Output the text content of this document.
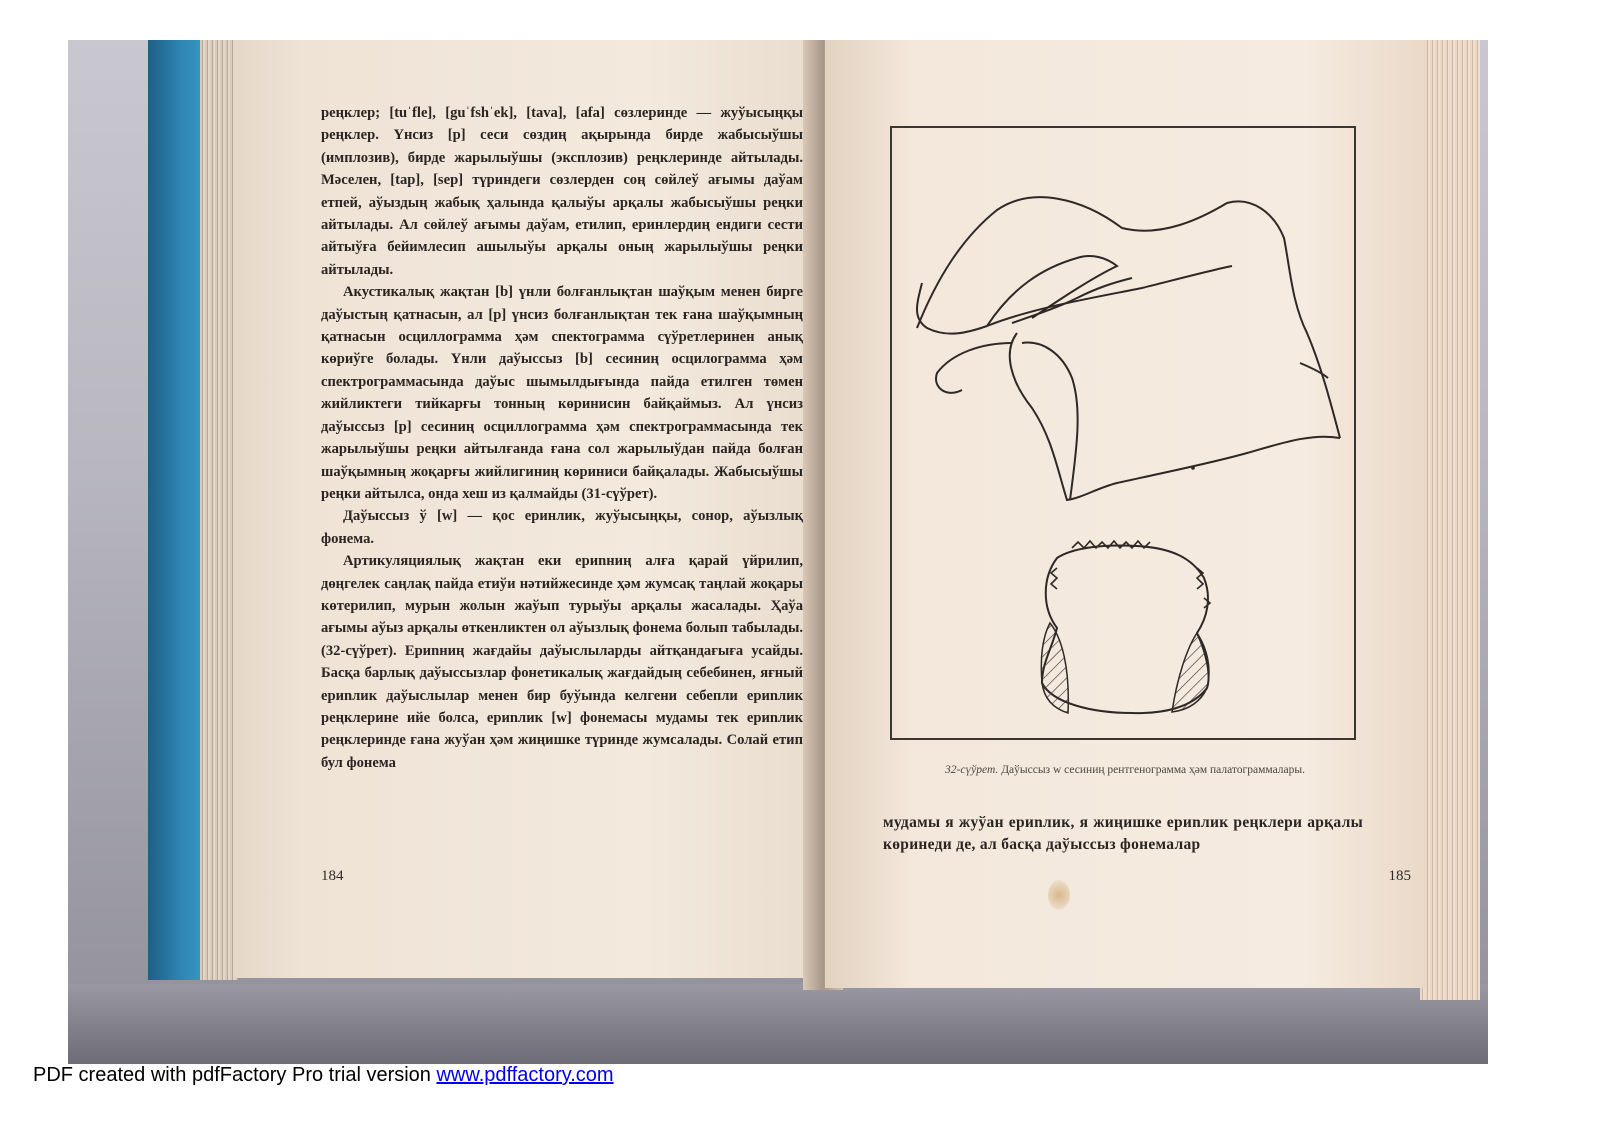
реңклер; [tuˈfle], [guˈfshˈek], [tava], [afa] сөзлеринде — жуўысыңқы реңклер. Үнсиз [p] сеси сөздиң ақырында бирде жабысыўшы (имплозив), бирде жарылыўшы (эксплозив) реңклеринде айтылады. Мәселен, [tap], [sep] түриндеги сөзлерден соң сөйлеў ағымы даўам етпей, аўыздың жабық ҳалында қалыўы арқалы жабысыўшы реңки айтылады. Ал сөйлеў ағымы даўам, етилип, еринлердиң ендиги сести айтыўға бейимлесип ашылыўы арқалы оның жарылыўшы реңки айтылады.

Акустикалық жақтан [b] үнли болғанлықтан шаўқым менен бирге даўыстың қатнасын, ал [p] үнсиз болғанлықтан тек ғана шаўқымның қатнасын осциллограмма ҳәм спектограмма сүўретлеринен анық көриўге болады. Үнли даўыссыз [b] сесиниң осцилограмма ҳәм спектрограммасында даўыс шымылдығында пайда етилген төмен жийликтеги тийкарғы тонның көринисин байқаймыз. Ал үнсиз даўыссыз [p] сесиниң осциллограмма ҳәм спектрограммасында тек жарылыўшы реңки айтылғанда ғана сол жарылыўдан пайда болған шаўқымның жоқарғы жийлигиниң көриниси байқалады. Жабысыўшы реңки айтылса, онда хеш из қалмайды (31-сүўрет).

Даўыссыз ў [w] — қос еринлик, жуўысыңқы, сонор, аўызлық фонема.

Артикуляциялық жақтан еки ериnниң алға қарай үйрилип, дөңгелек саңлақ пайда етиўи нәтийжесинде ҳәм жумсақ таңлай жоқары көтерилип, мурын жолын жаўып турыўы арқалы жасалады. Ҳаўа ағымы аўыз арқалы өткенликтен ол аўызлық фонема болып табылады. (32-сүўрет). Ериnниң жағдайы даўыслыларды айтқандағыға усайды. Басқа барлық даўыссызлар фонетикалық жағдайдың себебинен, яғный ериnлик даўыслылар менен бир буўында келгени себепли ериnлик реңклерине ийе болса, ериnлик [w] фонемасы мудамы тек ериnлик реңклеринде ғана жуўан ҳәм жиңишке түринде жумсалады. Солай етип бул фонема

184
32-сүўрет. Даўыссыз w сесиниң рентгенограмма ҳәм палатограммалары.

мудамы я жуўан ериnлик, я жиңишке ериnлик реңклери арқалы көринеди де, ал басқа даўыссыз фонемалар

185
PDF created with pdfFactory Pro trial version www.pdffactory.com
